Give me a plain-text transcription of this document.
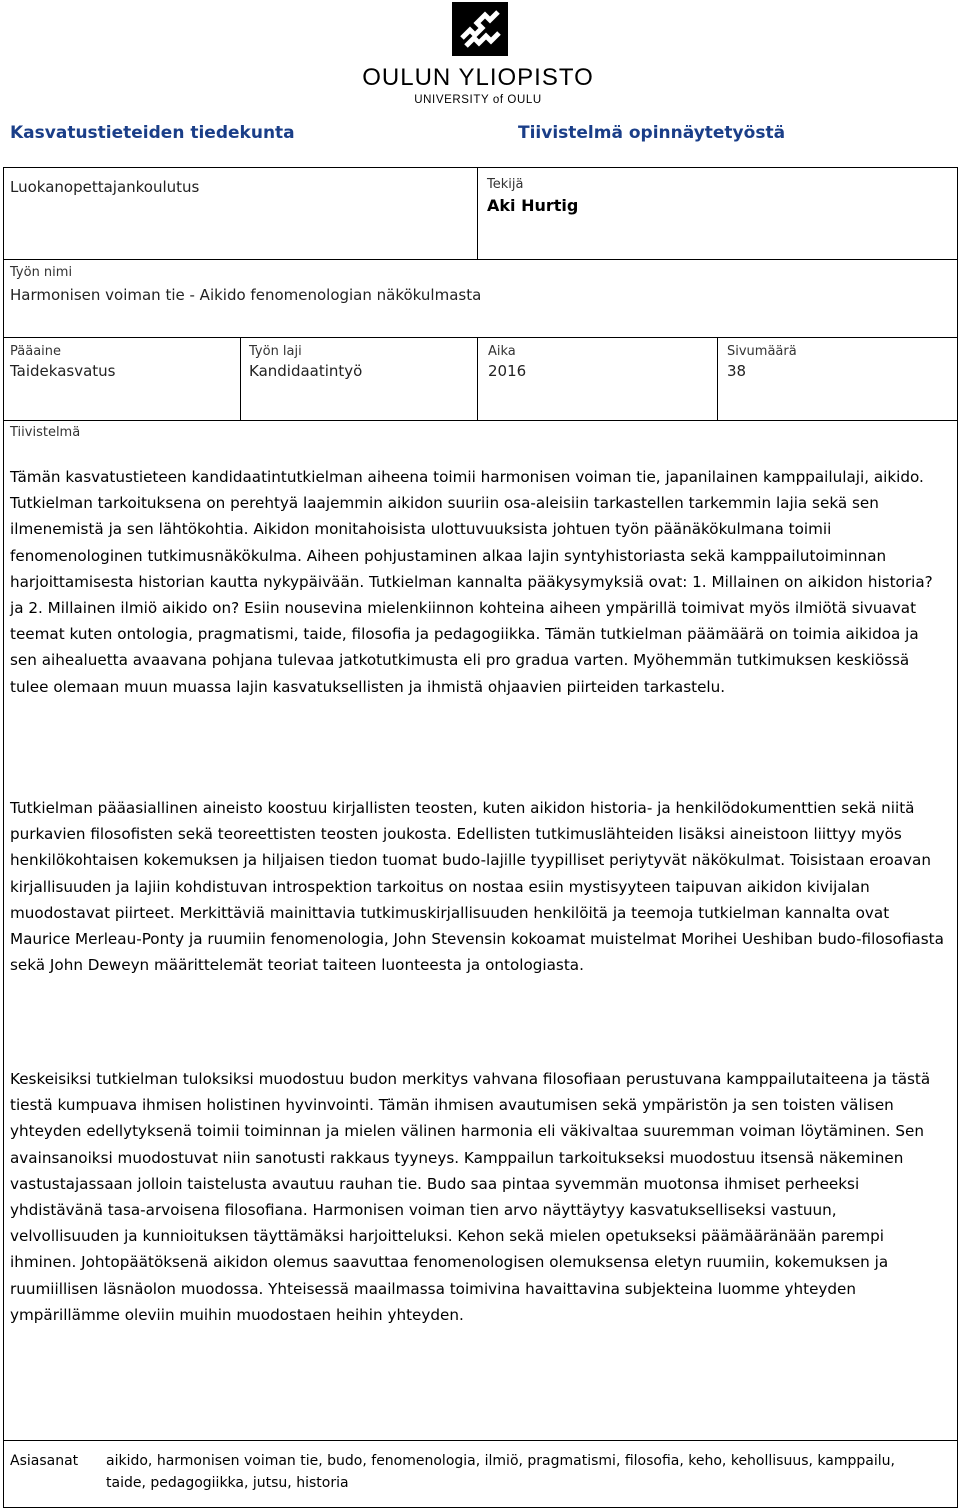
OULUN YLIOPISTO
UNIVERSITY of OULU
Kasvatustieteiden tiedekunta	Tiivistelmä opinnäytetyöstä
Luokanopettajankoulutus	Tekijä
Aki Hurtig
Työn nimi
Harmonisen voiman tie - Aikido fenomenologian näkökulmasta
Pääaine
Taidekasvatus
Työn laji
Kandidaatintyö
Aika
2016
Sivumäärä
38
Tiivistelmä

Tämän kasvatustieteen kandidaatintutkielman aiheena toimii harmonisen voiman tie, japanilainen kamppailulaji, aikido. Tutkielman tarkoituksena on perehtyä laajemmin aikidon suuriin osa-aleisiin tarkastellen tarkemmin lajia sekä sen ilmenemistä ja sen lähtökohtia. Aikidon monitahoisista ulottuvuuksista johtuen työn päänäkökulmana toimii fenomenologinen tutkimusnäkökulma. Aiheen pohjustaminen alkaa lajin syntyhistoriasta sekä kamppailutoiminnan harjoittamisesta historian kautta nykypäivään. Tutkielman kannalta pääkysymyksiä ovat: 1. Millainen on aikidon historia? ja 2. Millainen ilmiö aikido on? Esiin nousevina mielenkiinnon kohteina aiheen ympärillä toimivat myös ilmiötä sivuavat teemat kuten ontologia, pragmatismi, taide, filosofia ja pedagogiikka. Tämän tutkielman päämäärä on toimia aikidoa ja sen aihealuetta avaavana pohjana tulevaa jatkotutkimusta eli pro gradua varten. Myöhemmän tutkimuksen keskiössä tulee olemaan muun muassa lajin kasvatuksellisten ja ihmistä ohjaavien piirteiden tarkastelu.

Tutkielman pääasiallinen aineisto koostuu kirjallisten teosten, kuten aikidon historia- ja henkilödokumenttien sekä niitä purkavien filosofisten sekä teoreettisten teosten joukosta. Edellisten tutkimuslähteiden lisäksi aineistoon liittyy myös henkilökohtaisen kokemuksen ja hiljaisen tiedon tuomat budo-lajille tyypilliset periytyvät näkökulmat. Toisistaan eroavan kirjallisuuden ja lajiin kohdistuvan introspektion tarkoitus on nostaa esiin mystisyyteen taipuvan aikidon kivijalan muodostavat piirteet. Merkittäviä mainittavia tutkimuskirjallisuuden henkilöitä ja teemoja tutkielman kannalta ovat Maurice Merleau-Ponty ja ruumiin fenomenologia, John Stevensin kokoamat muistelmat Morihei Ueshiban budo-filosofiasta sekä John Deweyn määrittelemät teoriat taiteen luonteesta ja ontologiasta.

Keskeisiksi tutkielman tuloksiksi muodostuu budon merkitys vahvana filosofiaan perustuvana kamppailutaiteena ja tästä tiestä kumpuava ihmisen holistinen hyvinvointi. Tämän ihmisen avautumisen sekä ympäristön ja sen toisten välisen yhteyden edellytyksenä toimii toiminnan ja mielen välinen harmonia eli väkivaltaa suuremman voiman löytäminen. Sen avainsanoiksi muodostuvat niin sanotusti rakkaus tyyneys. Kamppailun tarkoitukseksi muodostuu itsensä näkeminen vastustajassaan jolloin taistelusta avautuu rauhan tie. Budo saa pintaa syvemmän muotonsa ihmiset perheeksi yhdistävänä tasa-arvoisena filosofiana. Harmonisen voiman tien arvo näyttäytyy kasvatukselliseksi vastuun, velvollisuuden ja kunnioituksen täyttämäksi harjoitteluksi. Kehon sekä mielen opetukseksi päämääränään parempi ihminen. Johtopäätöksenä aikidon olemus saavuttaa fenomenologisen olemuksensa eletyn ruumiin, kokemuksen ja ruumiillisen läsnäolon muodossa. Yhteisessä maailmassa toimivina havaittavina subjekteina luomme yhteyden ympärillämme oleviin muihin muodostaen heihin yhteyden.

Asiasanat aikido, harmonisen voiman tie, budo, fenomenologia, ilmiö, pragmatismi, filosofia, keho, kehollisuus, kamppailu, taide, pedagogiikka, jutsu, historia
